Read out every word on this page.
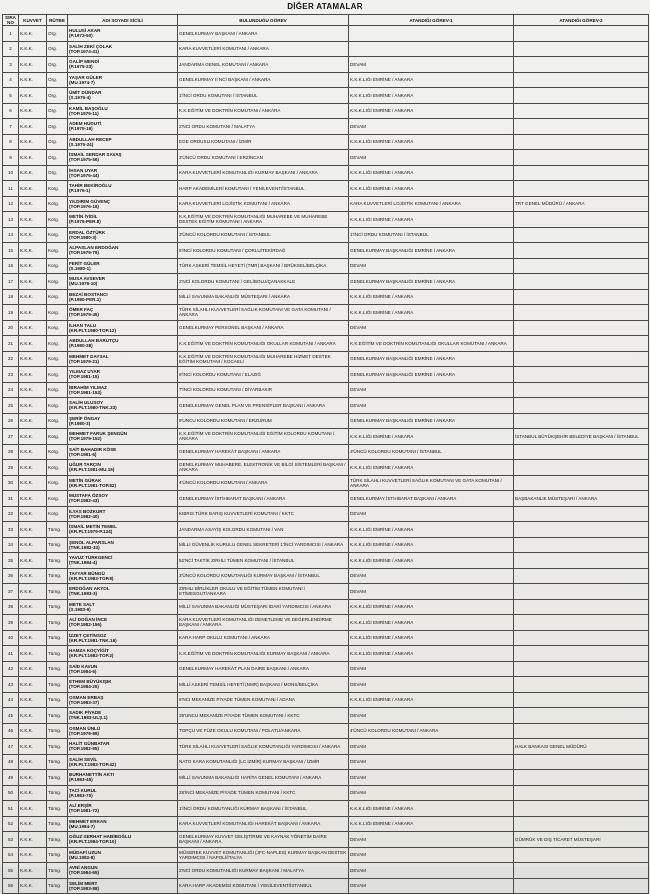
DİĞER ATAMALAR
SIRA NO	KUVVET	RÜTBE	ADI SOYADI SİCİLİ	BULUNDUĞU GÖREV	ATANDIĞI GÖREV-1	ATANDIĞI GÖREV-2
1	K.K.K.	Org.	HULUSİ AKAR
(P.1973-50)	GENELKURMAY BAŞKANI / ANKARA		
2	K.K.K.	Org.	SALİH ZEKİ ÇOLAK
(TOP.1974-41)	KARA KUVVETLERİ KOMUTANI / ANKARA		
3	K.K.K.	Org.	GALİP MENDİ
(P.1975-33)	JANDARMA GENEL KOMUTANI / ANKARA	DEVAM	
4	K.K.K.	Org.	YAŞAR GÜLER
(MU.1974-7)	GENELKURMAY II NCİ BAŞKANI / ANKARA	K.K.K.LIĞI EMRİNE / ANKARA	
5	K.K.K.	Org.	ÜMİT DÜNDAR
(S.1975-4)	1'İNCİ ORDU KOMUTANI / İSTANBUL	K.K.K.LIĞI EMRİNE / ANKARA	
6	K.K.K.	Org.	KAMİL BAŞOĞLU
(TOP.1975-11)	K.K.EĞİTİM VE DOKTRİN KOMUTANI / ANKARA	K.K.K.LIĞI EMRİNE / ANKARA	
7	K.K.K.	Org.	ADEM HUDUTİ
(P.1975-16)	2'NCİ ORDU KOMUTANI / MALATYA	DEVAM	
8	K.K.K.	Org.	ABDULLAH RECEP
(S.1975-24)	EGE ORDUSU KOMUTANI / İZMİR	K.K.K.LIĞI EMRİNE / ANKARA	
9	K.K.K.	Org.	İSMAİL SERDAR SAVAŞ
(TOP.1975-56)	3'ÜNCÜ ORDU KOMUTANI / ERZİNCAN	DEVAM	
10	K.K.K.	Org.	İHSAN UYAR
(TOP.1976-44)	KARA KUVVETLERİ KOMUTANLIĞI KURMAY BAŞKANI / ANKARA	K.K.K.LIĞI EMRİNE / ANKARA	
11	K.K.K.	Korg.	TAHİR BEKİROĞLU
(P.1976-1)	HARP AKADEMİLERİ KOMUTANI / YENİLEVENT/İSTANBUL	K.K.K.LIĞI EMRİNE / ANKARA	
12	K.K.K.	Korg.	YILDIRIM GÜVENÇ
(TOP.1976-18)	KARA KUVVETLERİ LOJİSTİK KOMUTANI / ANKARA	KARA KUVVETLERİ LOJİSTİK KOMUTANI / ANKARA	TRT GENEL MÜDÜRÜ / ANKARA
13	K.K.K.	Korg.	METİN İYİDİL
(P.1976-PER.8)	K.K.EĞİTİM VE DOKTRİN KOMUTANLIĞI MUHAREBE VE MUHAREBE DESTEK EĞİTİM KOMUTANI / ANKARA	K.K.K.LIĞI EMRİNE / ANKARA	
14	K.K.K.	Korg.	ERDAL ÖZTÜRK
(TOP.1980-3)	3'ÜNCÜ KOLORDU KOMUTANI / İSTANBUL	1'İNCİ ORDU KOMUTANI / İSTANBUL	
15	K.K.K.	Korg.	ALPASLAN ERDOĞAN
(TOP.1979-79)	5'İNCİ KOLORDU KOMUTANI / ÇORLU/TEKİRDAĞ	GENELKURMAY BAŞKANLIĞI EMRİNE / ANKARA	
16	K.K.K.	Korg.	FERİT GÜLER
(S.1980-1)	TÜRK ASKERİ TEMSİL HEYETİ (TMR) BAŞKANI / BRÜKSEL/BELÇİKA	DEVAM	
17	K.K.K.	Korg.	MUSA AVSEVER
(MU.1976-10)	2'NCİ KOLORDU KOMUTANI / GELİBOLU/ÇANAKKALE	GENELKURMAY BAŞKANLIĞI EMRİNE / ANKARA	
18	K.K.K.	Korg.	BEZAİ BOSTANCI
(P.1980-PER.1)	MİLLİ SAVUNMA BAKANLIĞI MÜSTEŞARI / ANKARA	K.K.K.LIĞI EMRİNE / ANKARA	
19	K.K.K.	Korg.	ÖMER FAÇ
(TOP.1979-45)	TÜRK SİLAHLI KUVVETLERİ SAĞLIK KOMUTANI VE GATA KOMUTANI / ANKARA	K.K.K.LIĞI EMRİNE / ANKARA	
20	K.K.K.	Korg.	İLHAN TALU
(KR.PLT.1980-TOP.12)	GENELKURMAY PERSONEL BAŞKANI / ANKARA	DEVAM	
21	K.K.K.	Korg.	ABDULLAH BARUTÇU
(P.1980-38)	K.K.EĞİTİM VE DOKTRİN KOMUTANLIĞI OKULLAR KOMUTANI / ANKARA	K.K.EĞİTİM VE DOKTRİN KOMUTANLIĞI OKULLAR KOMUTANI / ANKARA	
22	K.K.K.	Korg.	MEHMET DAYSAL
(TOP.1979-21)	K.K.EĞİTİM VE DOKTRİN KOMUTANLIĞI MUHAREBE HİZMET DESTEK EĞİTİM KOMUTANI / KOCAELİ	GENELKURMAY BAŞKANLIĞI EMRİNE / ANKARA	
23	K.K.K.	Korg.	YILMAZ UYAR
(TOP.1981-15)	8'İNCİ KOLORDU KOMUTANI / ELAZIĞ	GENELKURMAY BAŞKANLIĞI EMRİNE / ANKARA	
24	K.K.K.	Korg.	İBRAHİM YILMAZ
(TOP.1981-153)	7'İNCİ KOLORDU KOMUTANI / DİYARBAKIR	DEVAM	
25	K.K.K.	Korg.	SALİH ULUSOY
(KR.PLT.1980-TNK.33)	GENELKURMAY GENEL PLAN VE PRENSİPLER BAŞKANI / ANKARA	DEVAM	
26	K.K.K.	Korg.	ŞERİF ÖNGAY
(P.1980-3)	9'UNCU KOLORDU KOMUTANI / ERZURUM	GENELKURMAY BAŞKANLIĞI EMRİNE / ANKARA	
27	K.K.K.	Korg.	MEHMET FARUK ŞENGÜN
(TOP.1979-152)	K.K.EĞİTİM VE DOKTRİN KOMUTANLIĞI EĞİTİM KOLORDU KOMUTANI / ANKARA	K.K.K.LIĞI EMRİNE / ANKARA	İSTANBUL BÜYÜKŞEHİR BELEDİYE BAŞKANI / İSTANBUL
28	K.K.K.	Korg.	SAİT BAHADIR KÖSE
(TOP.1981-6)	GENELKURMAY HAREKÂT BAŞKANI / ANKARA	3'ÜNCÜ KOLORDU KOMUTANI / İSTANBUL	
29	K.K.K.	Korg.	UĞUR TARÇIN
(KR.PLT.1981-MU.15)	GENELKURMAY MUHABERE, ELEKTRONİK VE BİLGİ SİSTEMLERİ BAŞKANI / ANKARA	K.K.K.LIĞI EMRİNE / ANKARA	
30	K.K.K.	Korg.	METİN GÜRAK
(KR.PLT.1981-TOP.82)	4'ÜNCÜ KOLORDU KOMUTANI / ANKARA	TÜRK SİLAHLI KUVVETLERİ SAĞLIK KOMUTANI VE GATA KOMUTANI / ANKARA	
31	K.K.K.	Korg.	MUSTAFA ÖZSOY
(TOP.1982-43)	GENELKURMAY İSTİHBARAT BAŞKANI / ANKARA	GENELKURMAY İSTİHBARAT BAŞKANI / ANKARA	BAŞBAKANLIK MÜSTEŞARI / ANKARA
32	K.K.K.	Korg.	İLYAS BOZKURT
(TOP.1982-40)	KIBRIS TÜRK BARIŞ KUVVETLERİ KOMUTANI / KKTC	DEVAM	
33	K.K.K.	Tümg.	İSMAİL METİN TEMEL
(KR.PLT.1979-P.124)	JANDARMA ASAYİŞ KOLORDU KOMUTANI / VAN	K.K.K.LIĞI EMRİNE / ANKARA	
34	K.K.K.	Tümg.	ŞENOL ALPARSLAN
(TNK.1982-33)	MİLLİ GÜVENLİK KURULU GENEL SEKRETERİ 1'İNCİ YARDIMCISI / ANKARA	K.K.K.LIĞI EMRİNE / ANKARA	
35	K.K.K.	Tümg.	YAVUZ TÜRKGENCİ
(TNK.1984-4)	52'NCİ TAKTİK ZIRHLI TÜMEN KOMUTANI / İSTANBUL	K.K.K.LIĞI EMRİNE / ANKARA	
36	K.K.K.	Tümg.	TAYYAR BÜNGÜ
(KR.PLT.1983-TOP.8)	3'ÜNCÜ KOLORDU KOMUTANLIĞI KURMAY BAŞKANI / İSTANBUL	DEVAM	
37	K.K.K.	Tümg.	ERDOĞAN AKYOL
(TNK.1983-3)	ZIRHLI BİRLİKLER OKULU VE EĞİTİM TÜMEN KOMUTANI / ETİMESGUT/ANKARA	DEVAM	
38	K.K.K.	Tümg.	METE SALT
(S.1983-9)	MİLLİ SAVUNMA BAKANLIĞI MÜSTEŞARI İDARİ YARDIMCISI / ANKARA	K.K.K.LIĞI EMRİNE / ANKARA	
39	K.K.K.	Tümg.	ALİ DOĞAN İNCE
(TOP.1982-156)	KARA KUVVETLERİ KOMUTANLIĞI DENETLEME VE DEĞERLENDİRME BAŞKANI / ANKARA	K.K.K.LIĞI EMRİNE / ANKARA	
40	K.K.K.	Tümg.	İZZET ÇETİNSOZ
(KR.PLT.1981-TNK.16)	KARA HARP OKULU KOMUTANI / ANKARA	K.K.K.LIĞI EMRİNE / ANKARA	
41	K.K.K.	Tümg.	HAMZA KOÇYİĞİT
(KR.PLT.1982-TOP.2)	K.K.EĞİTİM VE DOKTRİN KOMUTANLIĞI KURMAY BAŞKANI / ANKARA	K.K.K.LIĞI EMRİNE / ANKARA	
42	K.K.K.	Tümg.	SAİD KAVUN
(TOP.1984-6)	GENELKURMAY HAREKÂT PLAN DAİRE BAŞKANI / ANKARA	DEVAM	
43	K.K.K.	Tümg.	ETHEM BÜYÜKIŞIK
(TOP.1984-25)	MİLLİ ASKERİ TEMSİL HEYETİ (NMR) BAŞKANI / MONS/BELÇİKA	DEVAM	
44	K.K.K.	Tümg.	OSMAN ERBAŞ
(TOP.1983-37)	6'NCI MEKANİZE PİYADE TÜMEN KOMUTANI / ADANA	K.K.K.LIĞI EMRİNE / ANKARA	
45	K.K.K.	Tümg.	SADIK PİYADE
(TNK.1983-ULŞ.1)	39'UNCU MEKANİZE PİYADE TÜMEN KOMUTANI / KKTC	DEVAM	
46	K.K.K.	Tümg.	OSMAN ÜNLÜ
(TOP.1979-89)	TOPÇU VE FÜZE OKULU KOMUTANI / POLATLI/ANKARA	4'ÜNCÜ KOLORDU KOMUTANI / ANKARA	
47	K.K.K.	Tümg.	HALİT GÜNBATAR
(TOP.1982-95)	TÜRK SİLAHLI KUVVETLERİ SAĞLIK KOMUTANLIĞI YARDIMCISI / ANKARA	DEVAM	HALK BANKASI GENEL MÜDÜRÜ
48	K.K.K.	Tümg.	SALİH SEVİL
(KR.PLT.1982-TOP.42)	NATO KARA KOMUTANLIĞI (LC İZMİR) KURMAY BAŞKANI / İZMİR	DEVAM	
49	K.K.K.	Tümg.	BURHANETTİN AKTI
(P.1983-45)	MİLLİ SAVUNMA BAKANLIĞI HARİTA GENEL KOMUTANI / ANKARA	DEVAM	
50	K.K.K.	Tümg.	TACİ KURUL
(P.1983-70)	28'İNCİ MEKANİZE PİYADE TÜMEN KOMUTANI / KKTC	DEVAM	
51	K.K.K.	Tümg.	ALİ ERŞİR
(TOP.1981-72)	1'İNCİ ORDU KOMUTANLIĞI KURMAY BAŞKANI / İSTANBUL	K.K.K.LIĞI EMRİNE / ANKARA	
52	K.K.K.	Tümg.	MEHMET ERKAN
(MU.1984-7)	KARA KUVVETLERİ KOMUTANLIĞI HAREKÂT BAŞKANI / ANKARA	K.K.K.LIĞI EMRİNE / ANKARA	
53	K.K.K.	Tümg.	OĞUZ SERHAT HABİBOĞLU
(KR.PLT.1984-TOP.10)	GENELKURMAY KUVVET GELİŞTİRME VE KAYNAK YÖNETİM DAİRE BAŞKANI / ANKARA	DEVAM	GÜMRÜK VE DIŞ TİCARET MÜSTEŞARI
54	K.K.K.	Tümg.	MÜDAFİ UZUN
(MU.1982-8)	MÜSEREK KUVVET KOMUTANLIĞI (JFC-NAPLES) KURMAY BAŞKAN DESTEK YARDIMCISI / NAPOLİ/İTALYA	DEVAM	
55	K.K.K.	Tümg.	AVNİ ANGUN
(TOP.1984-65)	2'NCİ ORDU KOMUTANLIĞI KURMAY BAŞKANI / MALATYA	DEVAM	
56	K.K.K.	Tümg.	SELİM MERT
(TOP.1983-88)	KARA HARP AKADEMİSİ KOMUTANI / YENİLEVENT/İSTANBUL	DEVAM	
